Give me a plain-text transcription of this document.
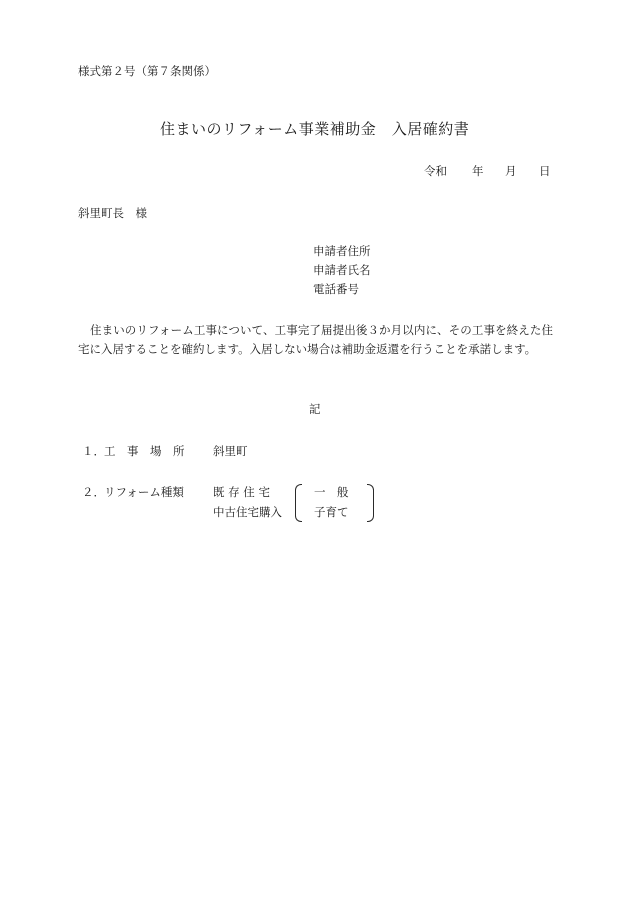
様式第２号（第７条関係）
住まいのリフォーム事業補助金　入居確約書
令和 年 月 日
斜里町長　様
申請者住所
申請者氏名
電話番号
住まいのリフォーム工事について、工事完了届提出後３か月以内に、その工事を終えた住宅に入居することを確約します。入居しない場合は補助金返還を行うことを承諾します。
記
１． 工　事　場　所 斜里町
２． リフォーム種類	既 存 住 宅
中古住宅購入
一　般
子育て
